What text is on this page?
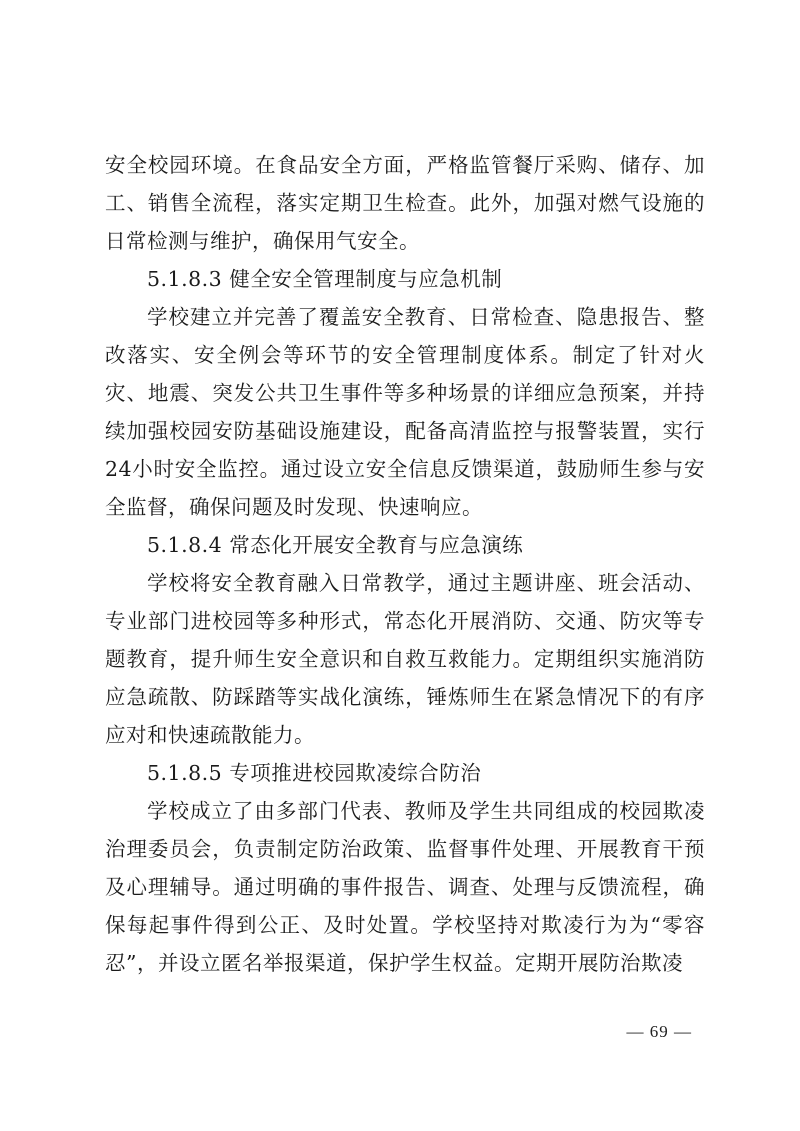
安全校园环境。在食品安全方面，严格监管餐厅采购、储存、加工、销售全流程，落实定期卫生检查。此外，加强对燃气设施的日常检测与维护，确保用气安全。

5.1.8.3 健全安全管理制度与应急机制

学校建立并完善了覆盖安全教育、日常检查、隐患报告、整改落实、安全例会等环节的安全管理制度体系。制定了针对火灾、地震、突发公共卫生事件等多种场景的详细应急预案，并持续加强校园安防基础设施建设，配备高清监控与报警装置，实行24小时安全监控。通过设立安全信息反馈渠道，鼓励师生参与安全监督，确保问题及时发现、快速响应。

5.1.8.4 常态化开展安全教育与应急演练

学校将安全教育融入日常教学，通过主题讲座、班会活动、专业部门进校园等多种形式，常态化开展消防、交通、防灾等专题教育，提升师生安全意识和自救互救能力。定期组织实施消防应急疏散、防踩踏等实战化演练，锤炼师生在紧急情况下的有序应对和快速疏散能力。

5.1.8.5 专项推进校园欺凌综合防治

学校成立了由多部门代表、教师及学生共同组成的校园欺凌治理委员会，负责制定防治政策、监督事件处理、开展教育干预及心理辅导。通过明确的事件报告、调查、处理与反馈流程，确保每起事件得到公正、及时处置。学校坚持对欺凌行为为“零容忍”，并设立匿名举报渠道，保护学生权益。定期开展防治欺凌

— 69 —
